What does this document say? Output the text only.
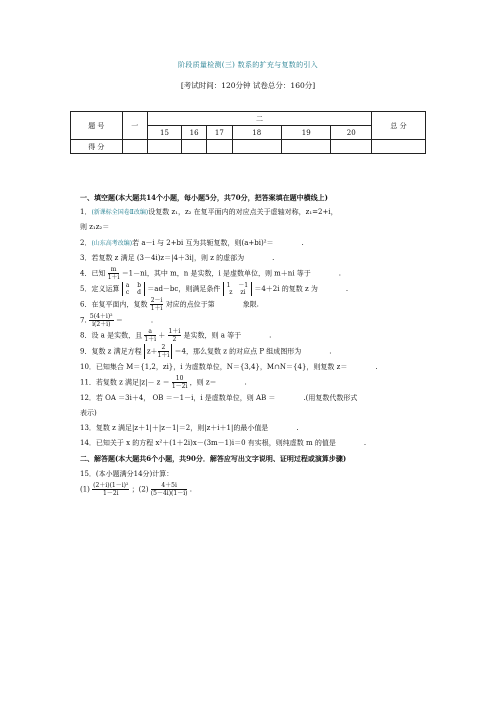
阶段质量检测(三) 数系的扩充与复数的引入
[考试时间：120分钟 试卷总分：160分]
题 号	一	二						总 分
		15	16	17	18	19	20	
得 分								
一、填空题(本大题共14个小题，每小题5分，共70分，把答案填在题中横线上)
1．(新课标全国卷Ⅱ改编)设复数 z₁，z₂ 在复平面内的对应点关于虚轴对称，z₁=2+i，
则 z₁z₂＝
2．(山东高考改编)若 a－i 与 2+bi 互为共轭复数，则(a+bi)²＝	.
3．若复数 z 满足 (3－4i)z＝|4＋3i|，则 z 的虚部为	.
4．已知 $\frac{m}{1+i} =1-ni$，其中 m，n 是实数，i 是虚数单位，则 m＋ni 等于	.
5．定义运算 a b
c d ＝ad－bc，则满足条件 1 －1
z zi	＝4＋2i 的复数 z 为	.
6．在复平面内，复数 $\frac{2-i}{1+i}$ 对应的点位于第	象限.
7. $\frac{\text{5(4＋i)²}}{i(2+i)}$ ＝	.
8．设 a 是实数，且 $\frac{a}{1+i} + \frac{1+i}{2}$ 是实数，则 a 等于	.
9．复数 z 满足方程 $z+ \frac{2}{1+i} =4$，那么复数 z 的对应点 P 组成图形为	.
10．已知集合 M＝{1,2，zi}，i 为虚数单位，N＝{3,4}，M∩N＝{4}，则复数 z＝	.
11．若复数 z 满足$|z|- z = \frac{10}{1-2i}$ ，则 z＝	.
12．若 OA ＝3i＋4， OB ＝－1－i，i 是虚数单位，则 AB ＝	.(用复数代数形式
表示)
13．复数 z 满足|z＋1|＋|z－1|＝2，则|z＋i＋1|的最小值是	.
14．已知关于 x 的方程 x²＋(1＋2i)x－(3m－1)i＝0 有实根，则纯虚数 m 的值是	.
二、解答题(本大题共6个小题，共90分．解答应写出文字说明、证明过程或演算步骤)
15．(本小题满分14分)计算：
$(1) \frac{\text{(2＋i)(1－i)²}}{1-2i}$ ；$(2) \frac{4+5i}{(5-4i)(1-i)}$ .
